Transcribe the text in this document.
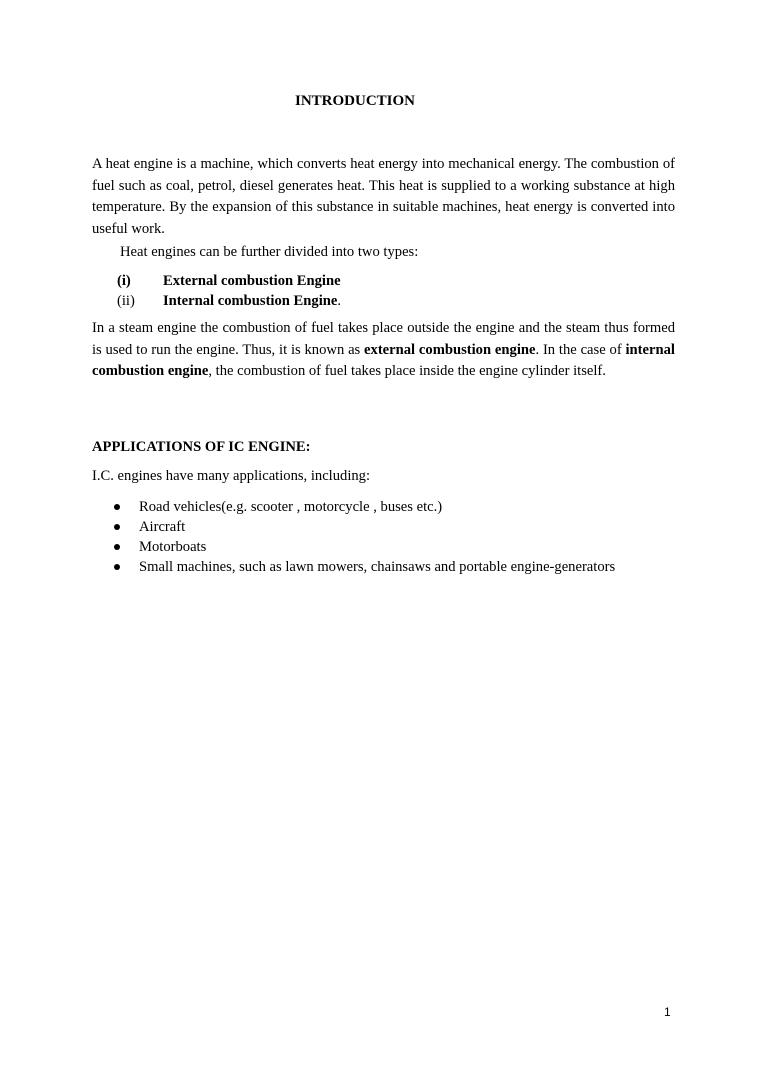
INTRODUCTION

A heat engine is a machine, which converts heat energy into mechanical energy. The combustion of fuel such as coal, petrol, diesel generates heat. This heat is supplied to a working substance at high temperature. By the expansion of this substance in suitable machines, heat energy is converted into useful work.

Heat engines can be further divided into two types:

(i)	External combustion Engine
(ii)	Internal combustion Engine.

In a steam engine the combustion of fuel takes place outside the engine and the steam thus formed is used to run the engine. Thus, it is known as external combustion engine. In the case of internal combustion engine, the combustion of fuel takes place inside the engine cylinder itself.

APPLICATIONS OF IC ENGINE:

I.C. engines have many applications, including:

Road vehicles(e.g. scooter , motorcycle , buses etc.)
Aircraft
Motorboats
Small machines, such as lawn mowers, chainsaws and portable engine-generators

1
